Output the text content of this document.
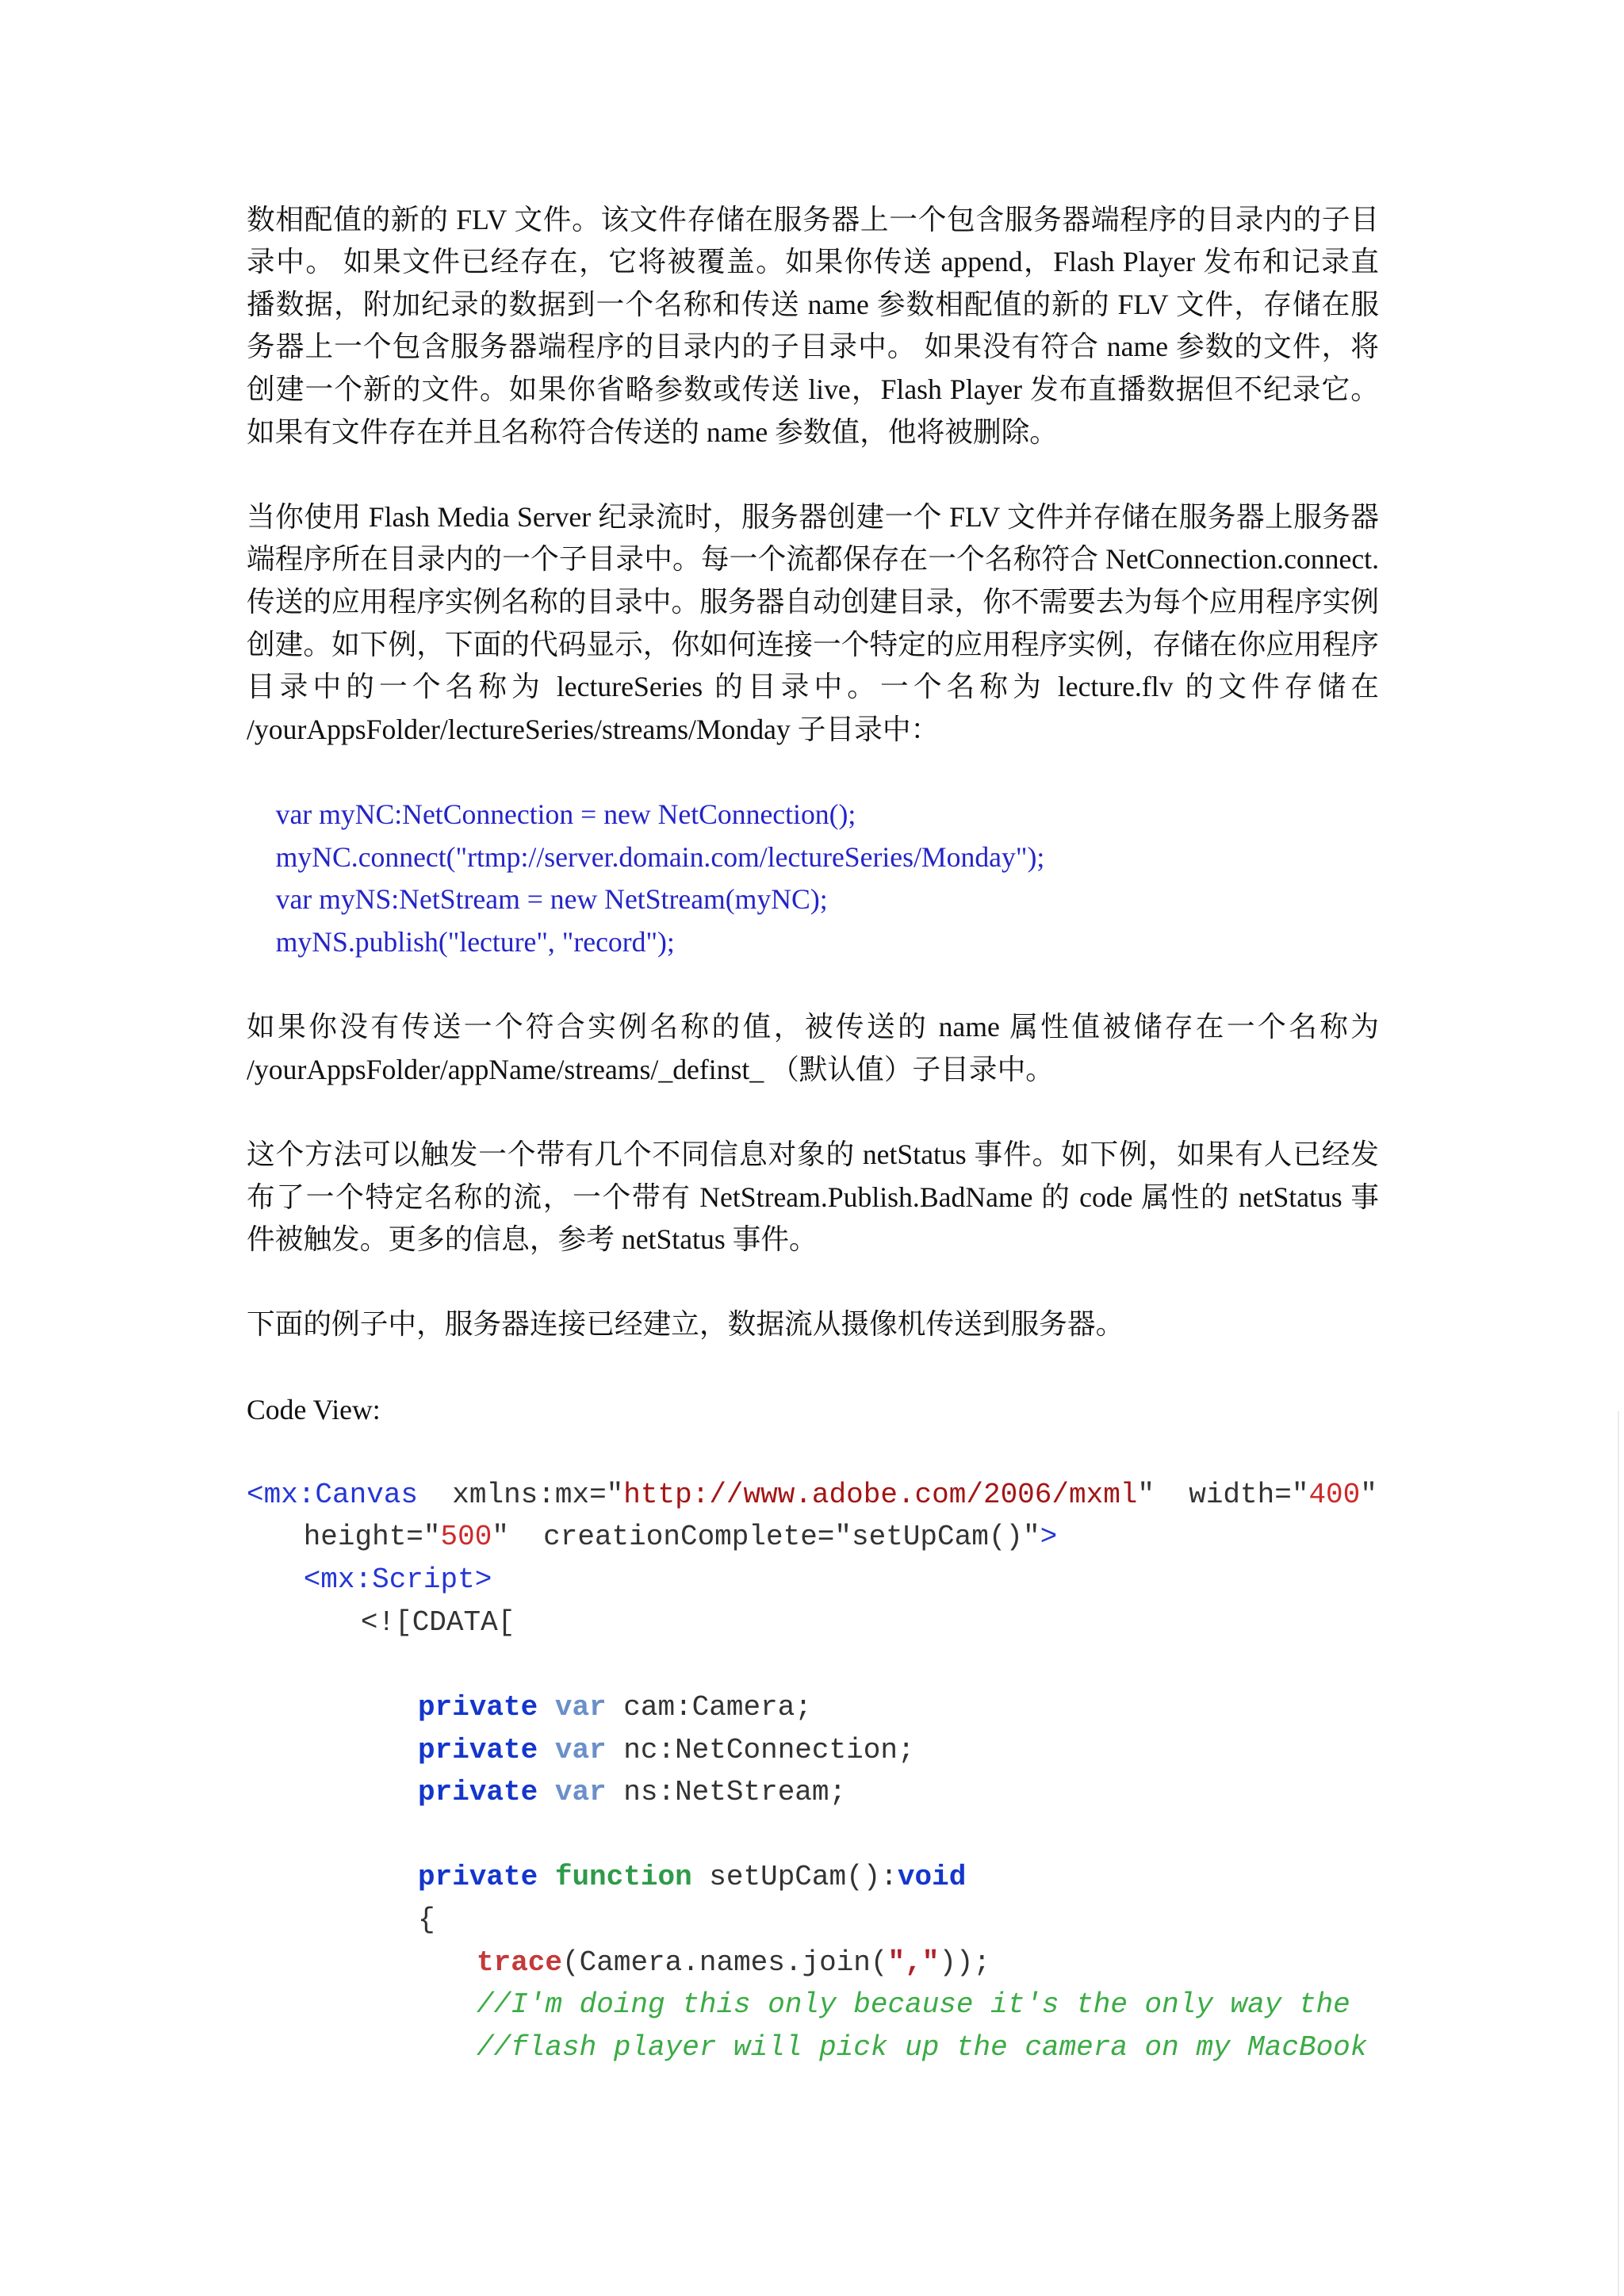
数相配值的新的 FLV 文件。该文件存储在服务器上一个包含服务器端程序的目录内的子目
录中。 如果文件已经存在，它将被覆盖。如果你传送 append，Flash Player 发布和记录直
播数据，附加纪录的数据到一个名称和传送 name 参数相配值的新的 FLV 文件，存储在服
务器上一个包含服务器端程序的目录内的子目录中。 如果没有符合 name 参数的文件，将
创建一个新的文件。如果你省略参数或传送 live，Flash Player 发布直播数据但不纪录它。
如果有文件存在并且名称符合传送的 name 参数值，他将被删除。
当你使用 Flash Media Server 纪录流时，服务器创建一个 FLV 文件并存储在服务器上服务器
端程序所在目录内的一个子目录中。每一个流都保存在一个名称符合 NetConnection.connect.
传送的应用程序实例名称的目录中。服务器自动创建目录，你不需要去为每个应用程序实例
创建。如下例，下面的代码显示，你如何连接一个特定的应用程序实例，存储在你应用程序
目录中的一个名称为 lectureSeries 的目录中。一个名称为 lecture.flv 的文件存储在
/yourAppsFolder/lectureSeries/streams/Monday 子目录中：
var myNC:NetConnection = new NetConnection();
myNC.connect("rtmp://server.domain.com/lectureSeries/Monday");
var myNS:NetStream = new NetStream(myNC);
myNS.publish("lecture", "record");
如果你没有传送一个符合实例名称的值，被传送的 name 属性值被储存在一个名称为
/yourAppsFolder/appName/streams/_definst_ （默认值）子目录中。
这个方法可以触发一个带有几个不同信息对象的 netStatus 事件。如下例，如果有人已经发
布了一个特定名称的流，一个带有 NetStream.Publish.BadName 的 code 属性的 netStatus 事
件被触发。更多的信息，参考 netStatus 事件。
下面的例子中，服务器连接已经建立，数据流从摄像机传送到服务器。
Code View:
<mx:Canvas  xmlns:mx="http://www.adobe.com/2006/mxml"  width="400"
height="500"  creationComplete="setUpCam()">
<mx:Script>
<![CDATA[
private var cam:Camera;
private var nc:NetConnection;
private var ns:NetStream;
private function setUpCam():void
{
trace(Camera.names.join(","));
//I'm doing this only because it's the only way the
//flash player will pick up the camera on my MacBook
